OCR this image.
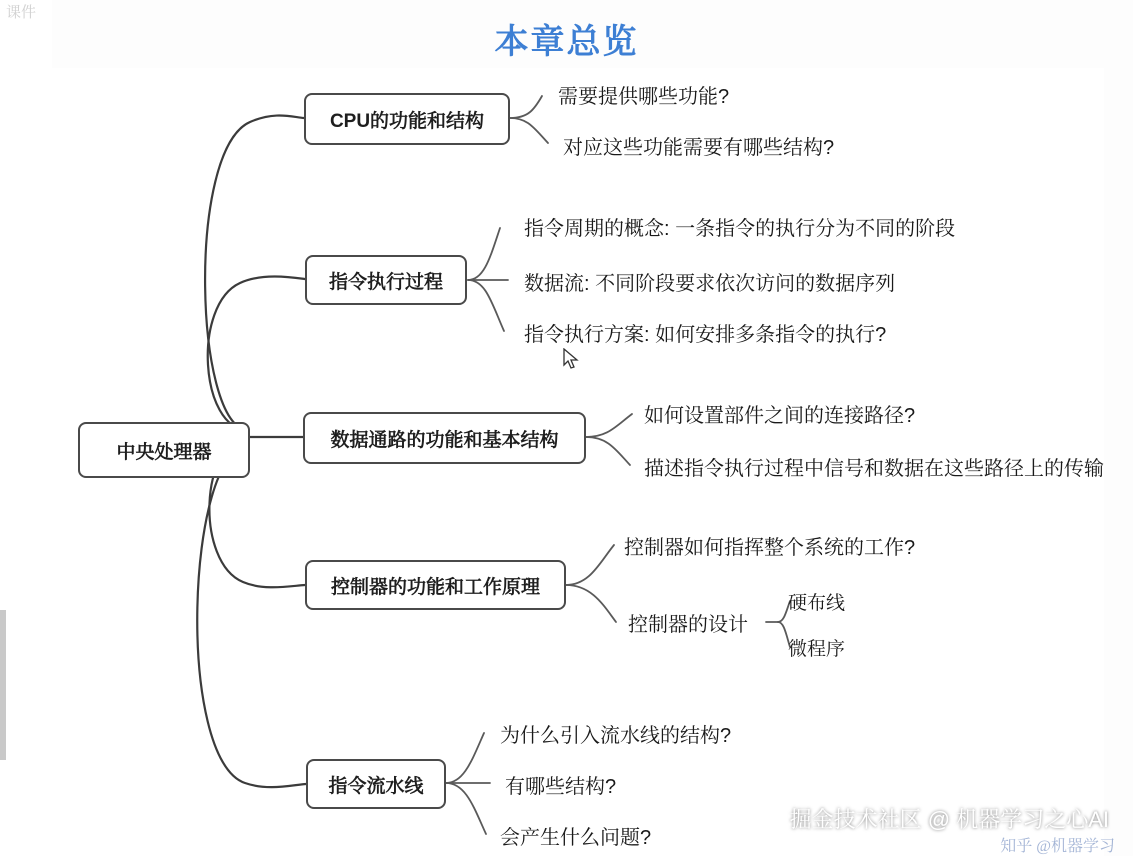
本章总览
中央处理器
CPU的功能和结构
需要提供哪些功能?
对应这些功能需要有哪些结构?
指令执行过程
指令周期的概念: 一条指令的执行分为不同的阶段
数据流: 不同阶段要求依次访问的数据序列
指令执行方案: 如何安排多条指令的执行?
数据通路的功能和基本结构
如何设置部件之间的连接路径?
描述指令执行过程中信号和数据在这些路径上的传输
控制器的功能和工作原理
控制器如何指挥整个系统的工作?
控制器的设计
硬布线
微程序
指令流水线
为什么引入流水线的结构?
有哪些结构?
会产生什么问题?
课件
掘金技术社区 @ 机器学习之心AI
知乎 @机器学习
